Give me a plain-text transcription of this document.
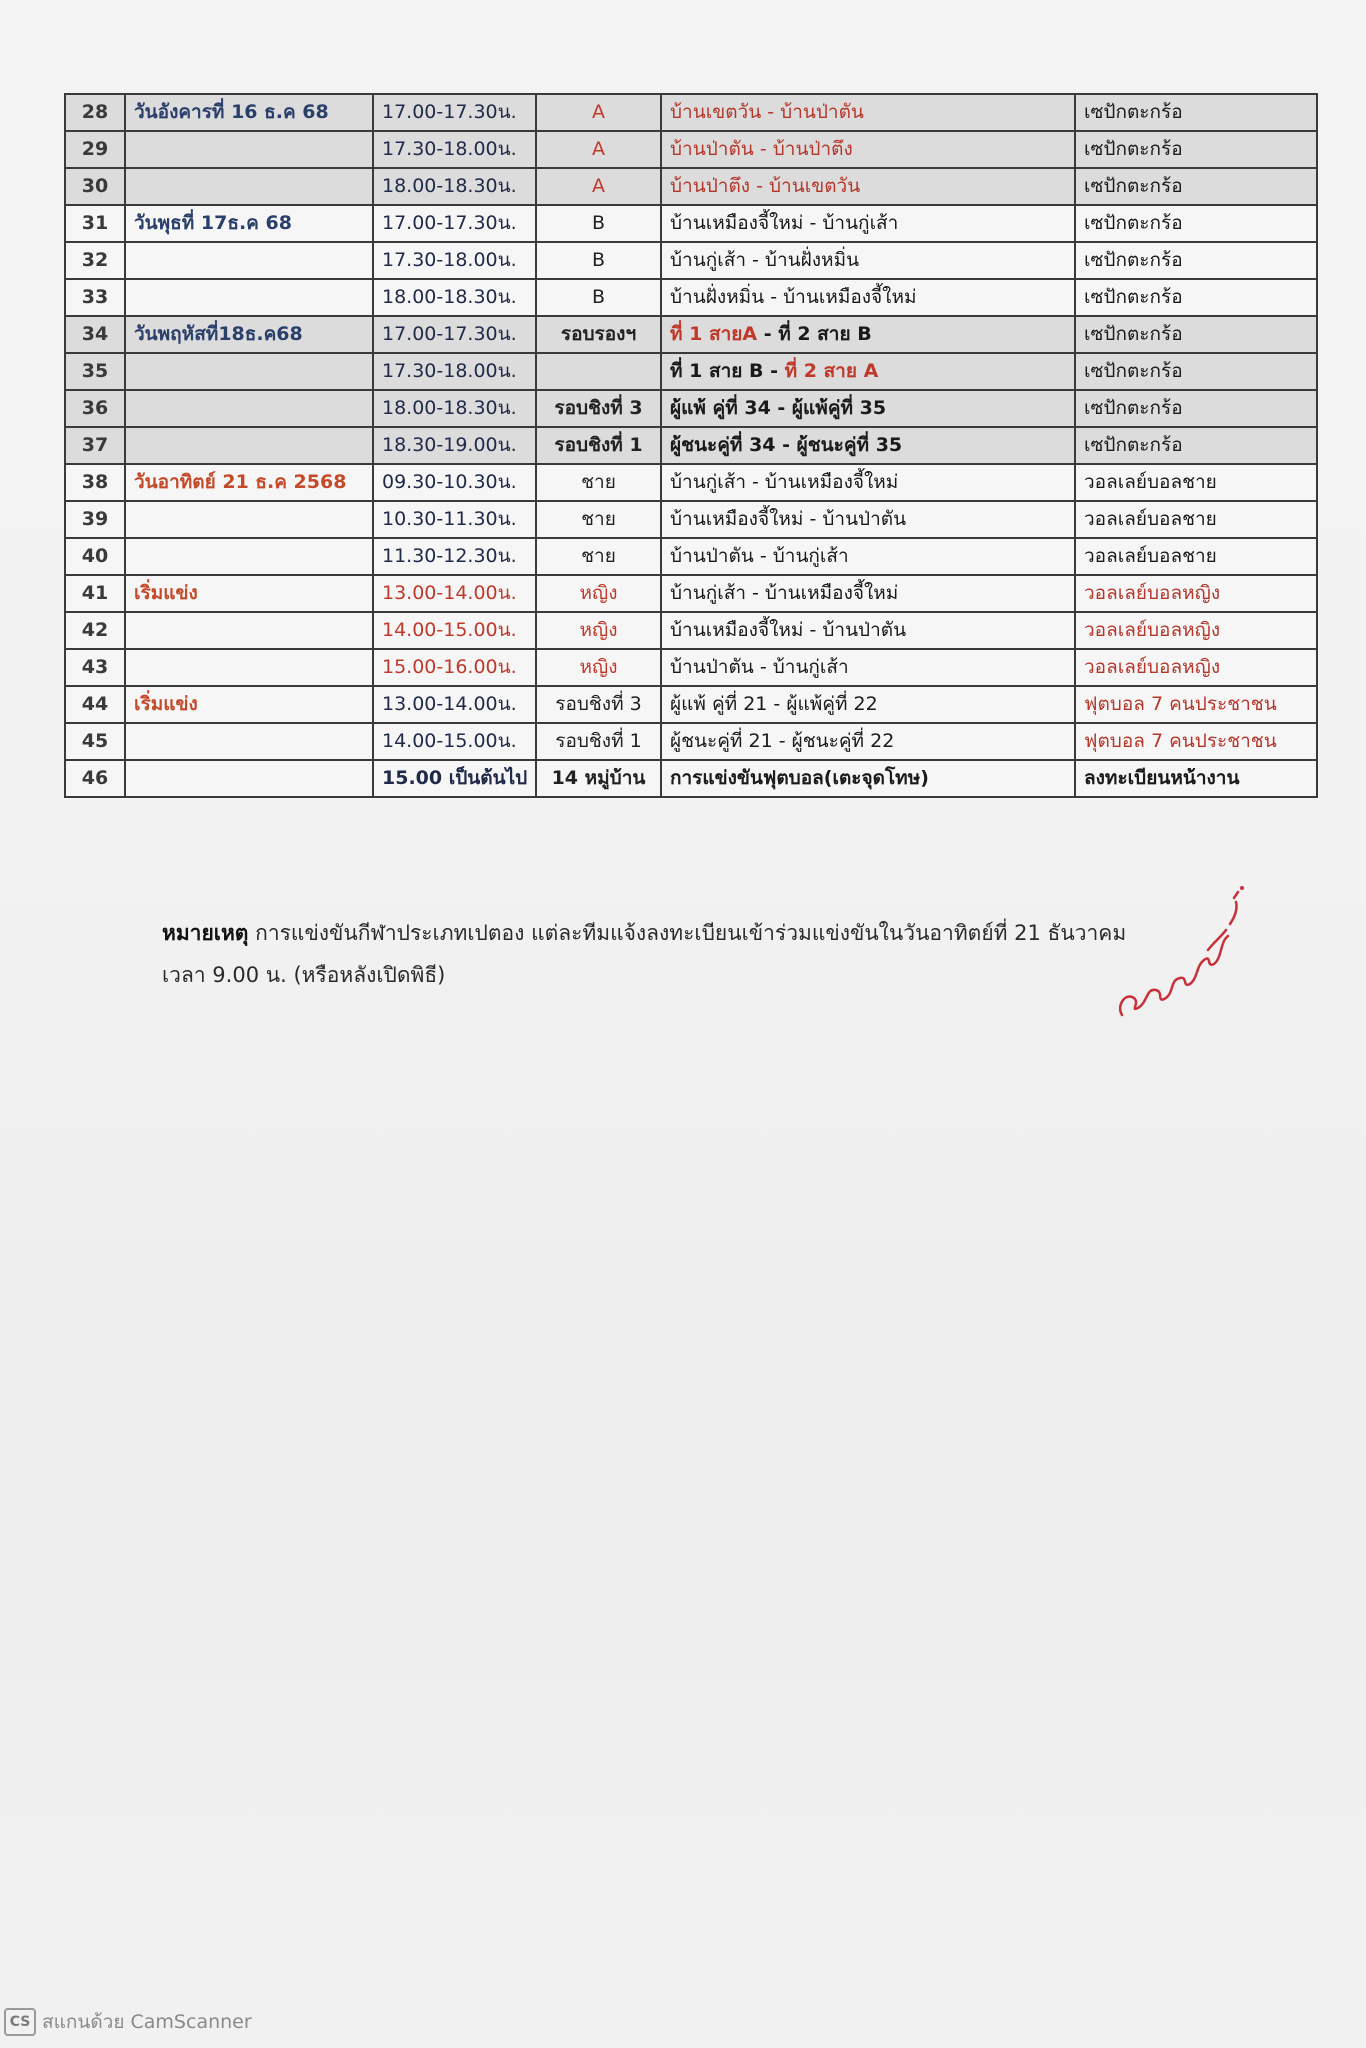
28	วันอังคารที่ 16 ธ.ค 68	17.00-17.30น.	A	บ้านเขตวัน - บ้านป่าตัน	เซปักตะกร้อ
29		17.30-18.00น.	A	บ้านป่าตัน - บ้านป่าตึง	เซปักตะกร้อ
30		18.00-18.30น.	A	บ้านป่าตึง - บ้านเขตวัน	เซปักตะกร้อ
31	วันพุธที่ 17ธ.ค 68	17.00-17.30น.	B	บ้านเหมืองจี้ใหม่ - บ้านกู่เส้า	เซปักตะกร้อ
32		17.30-18.00น.	B	บ้านกู่เส้า - บ้านฝั่งหมิ่น	เซปักตะกร้อ
33		18.00-18.30น.	B	บ้านฝั่งหมิ่น - บ้านเหมืองจี้ใหม่	เซปักตะกร้อ
34	วันพฤหัสที่18ธ.ค68	17.00-17.30น.	รอบรองฯ	ที่ 1 สายA - ที่ 2 สาย B	เซปักตะกร้อ
35		17.30-18.00น.		ที่ 1 สาย B - ที่ 2 สาย A	เซปักตะกร้อ
36		18.00-18.30น.	รอบชิงที่ 3	ผู้แพ้ คู่ที่ 34 - ผู้แพ้คู่ที่ 35	เซปักตะกร้อ
37		18.30-19.00น.	รอบชิงที่ 1	ผู้ชนะคู่ที่ 34 - ผู้ชนะคู่ที่ 35	เซปักตะกร้อ
38	วันอาทิตย์ 21 ธ.ค 2568	09.30-10.30น.	ชาย	บ้านกู่เส้า - บ้านเหมืองจี้ใหม่	วอลเลย์บอลชาย
39		10.30-11.30น.	ชาย	บ้านเหมืองจี้ใหม่ - บ้านป่าตัน	วอลเลย์บอลชาย
40		11.30-12.30น.	ชาย	บ้านป่าตัน - บ้านกู่เส้า	วอลเลย์บอลชาย
41	เริ่มแข่ง	13.00-14.00น.	หญิง	บ้านกู่เส้า - บ้านเหมืองจี้ใหม่	วอลเลย์บอลหญิง
42		14.00-15.00น.	หญิง	บ้านเหมืองจี้ใหม่ - บ้านป่าตัน	วอลเลย์บอลหญิง
43		15.00-16.00น.	หญิง	บ้านป่าตัน - บ้านกู่เส้า	วอลเลย์บอลหญิง
44	เริ่มแข่ง	13.00-14.00น.	รอบชิงที่ 3	ผู้แพ้ คู่ที่ 21 - ผู้แพ้คู่ที่ 22	ฟุตบอล 7 คนประชาชน
45		14.00-15.00น.	รอบชิงที่ 1	ผู้ชนะคู่ที่ 21 - ผู้ชนะคู่ที่ 22	ฟุตบอล 7 คนประชาชน
46		15.00 เป็นต้นไป	14 หมู่บ้าน	การแข่งขันฟุตบอล(เตะจุดโทษ)	ลงทะเบียนหน้างาน
หมายเหตุ การแข่งขันกีฬาประเภทเปตอง แต่ละทีมแจ้งลงทะเบียนเข้าร่วมแข่งขันในวันอาทิตย์ที่ 21 ธันวาคม
เวลา 9.00 น. (หรือหลังเปิดพิธี)
CS สแกนด้วย CamScanner
